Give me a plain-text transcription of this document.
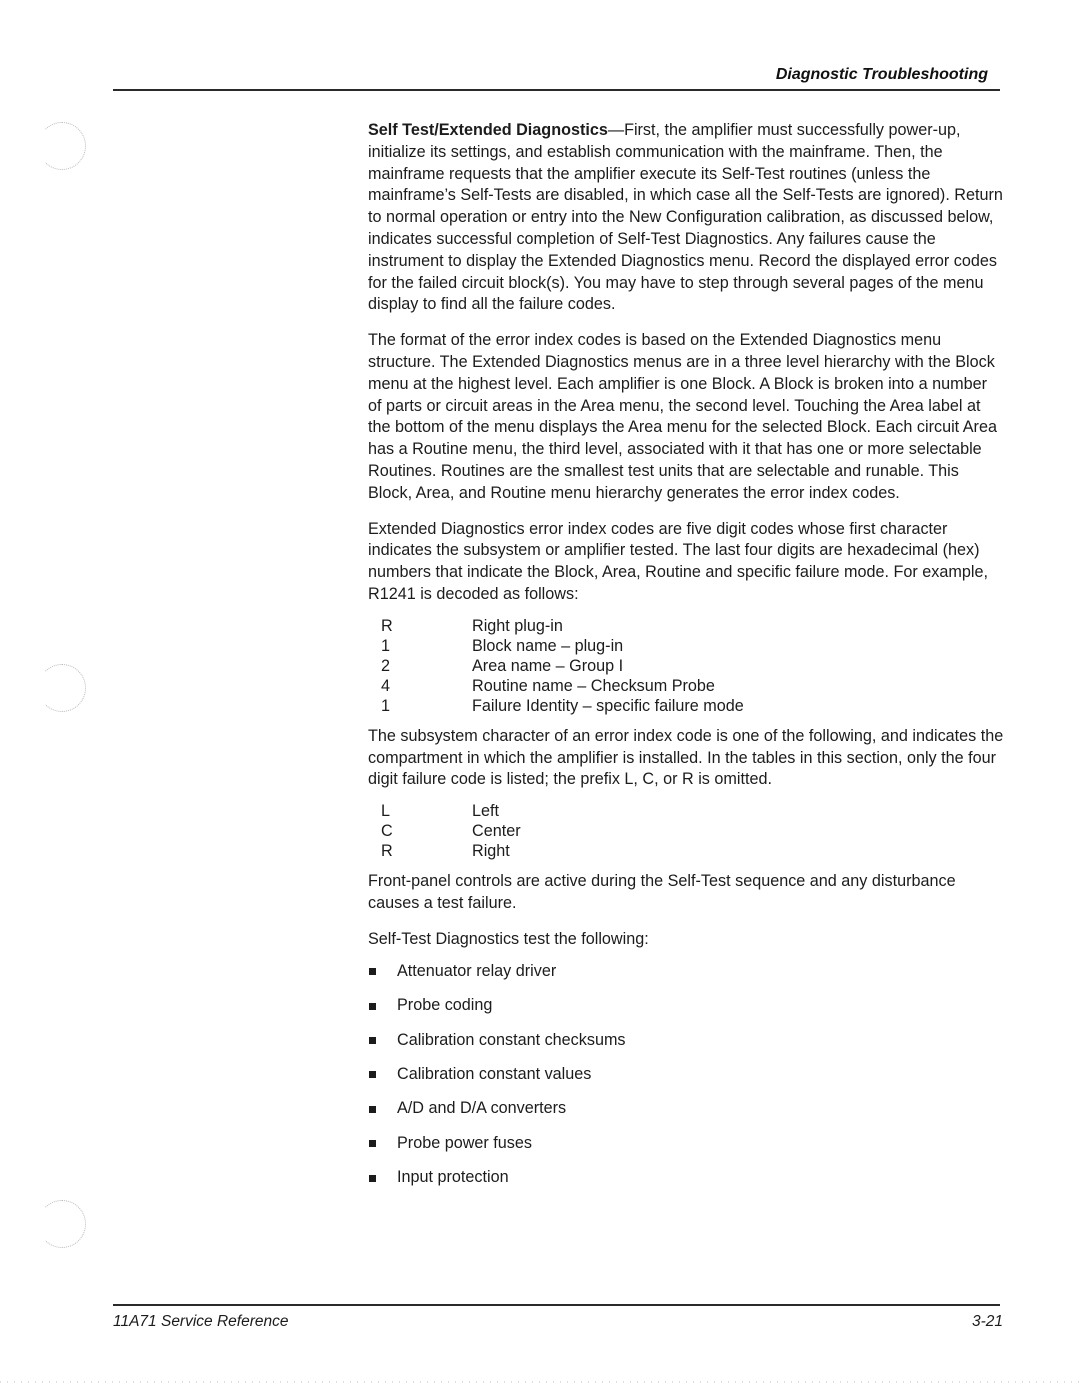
Diagnostic Troubleshooting

Self Test/Extended Diagnostics—First, the amplifier must successfully power-up, initialize its settings, and establish communication with the mainframe. Then, the mainframe requests that the amplifier execute its Self-Test routines (unless the mainframe’s Self-Tests are disabled, in which case all the Self-Tests are ignored). Return to normal operation or entry into the New Configuration calibration, as discussed below, indicates successful completion of Self-Test Diagnostics. Any failures cause the instrument to display the Extended Diagnostics menu. Record the displayed error codes for the failed circuit block(s). You may have to step through several pages of the menu display to find all the failure codes.

The format of the error index codes is based on the Extended Diagnostics menu structure. The Extended Diagnostics menus are in a three level hierarchy with the Block menu at the highest level. Each amplifier is one Block. A Block is broken into a number of parts or circuit areas in the Area menu, the second level. Touching the Area label at the bottom of the menu displays the Area menu for the selected Block. Each circuit Area has a Routine menu, the third level, associated with it that has one or more selectable Routines. Routines are the smallest test units that are selectable and runable. This Block, Area, and Routine menu hierarchy generates the error index codes.

Extended Diagnostics error index codes are five digit codes whose first character indicates the subsystem or amplifier tested. The last four digits are hexadecimal (hex) numbers that indicate the Block, Area, Routine and specific failure mode. For example, R1241 is decoded as follows:

R	Right plug-in
1	Block name – plug-in
2	Area name – Group I
4	Routine name – Checksum Probe
1	Failure Identity – specific failure mode

The subsystem character of an error index code is one of the following, and indicates the compartment in which the amplifier is installed. In the tables in this section, only the four digit failure code is listed; the prefix L, C, or R is omitted.

L	Left
C	Center
R	Right

Front-panel controls are active during the Self-Test sequence and any disturbance causes a test failure.

Self-Test Diagnostics test the following:

Attenuator relay driver
Probe coding
Calibration constant checksums
Calibration constant values
A/D and D/A converters
Probe power fuses
Input protection
11A71 Service Reference	3-21
